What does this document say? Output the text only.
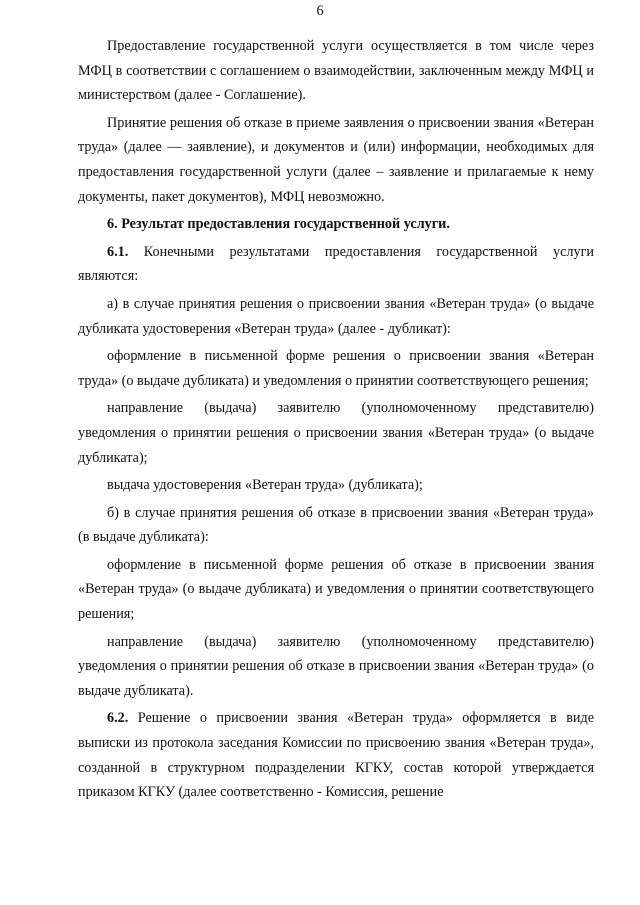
6

Предоставление государственной услуги осуществляется в том числе через МФЦ в соответствии с соглашением о взаимодействии, заключенным между МФЦ и министерством (далее - Соглашение).

Принятие решения об отказе в приеме заявления о присвоении звания «Ветеран труда» (далее — заявление), и документов и (или) информации, необходимых для предоставления государственной услуги (далее – заявление и прилагаемые к нему документы, пакет документов), МФЦ невозможно.

6. Результат предоставления государственной услуги.

6.1. Конечными результатами предоставления государственной услуги являются:

а) в случае принятия решения о присвоении звания «Ветеран труда» (о выдаче дубликата удостоверения «Ветеран труда» (далее - дубликат):

оформление в письменной форме решения о присвоении звания «Ветеран труда» (о выдаче дубликата) и уведомления о принятии соответствующего решения;

направление (выдача) заявителю (уполномоченному представителю) уведомления о принятии решения о присвоении звания «Ветеран труда» (о выдаче дубликата);

выдача удостоверения «Ветеран труда» (дубликата);

б) в случае принятия решения об отказе в присвоении звания «Ветеран труда» (в выдаче дубликата):

оформление в письменной форме решения об отказе в присвоении звания «Ветеран труда» (о выдаче дубликата) и уведомления о принятии соответствующего решения;

направление (выдача) заявителю (уполномоченному представителю) уведомления о принятии решения об отказе в присвоении звания «Ветеран труда» (о выдаче дубликата).

6.2. Решение о присвоении звания «Ветеран труда» оформляется в виде выписки из протокола заседания Комиссии по присвоению звания «Ветеран труда», созданной в структурном подразделении КГКУ, состав которой утверждается приказом КГКУ (далее соответственно - Комиссия, решение
